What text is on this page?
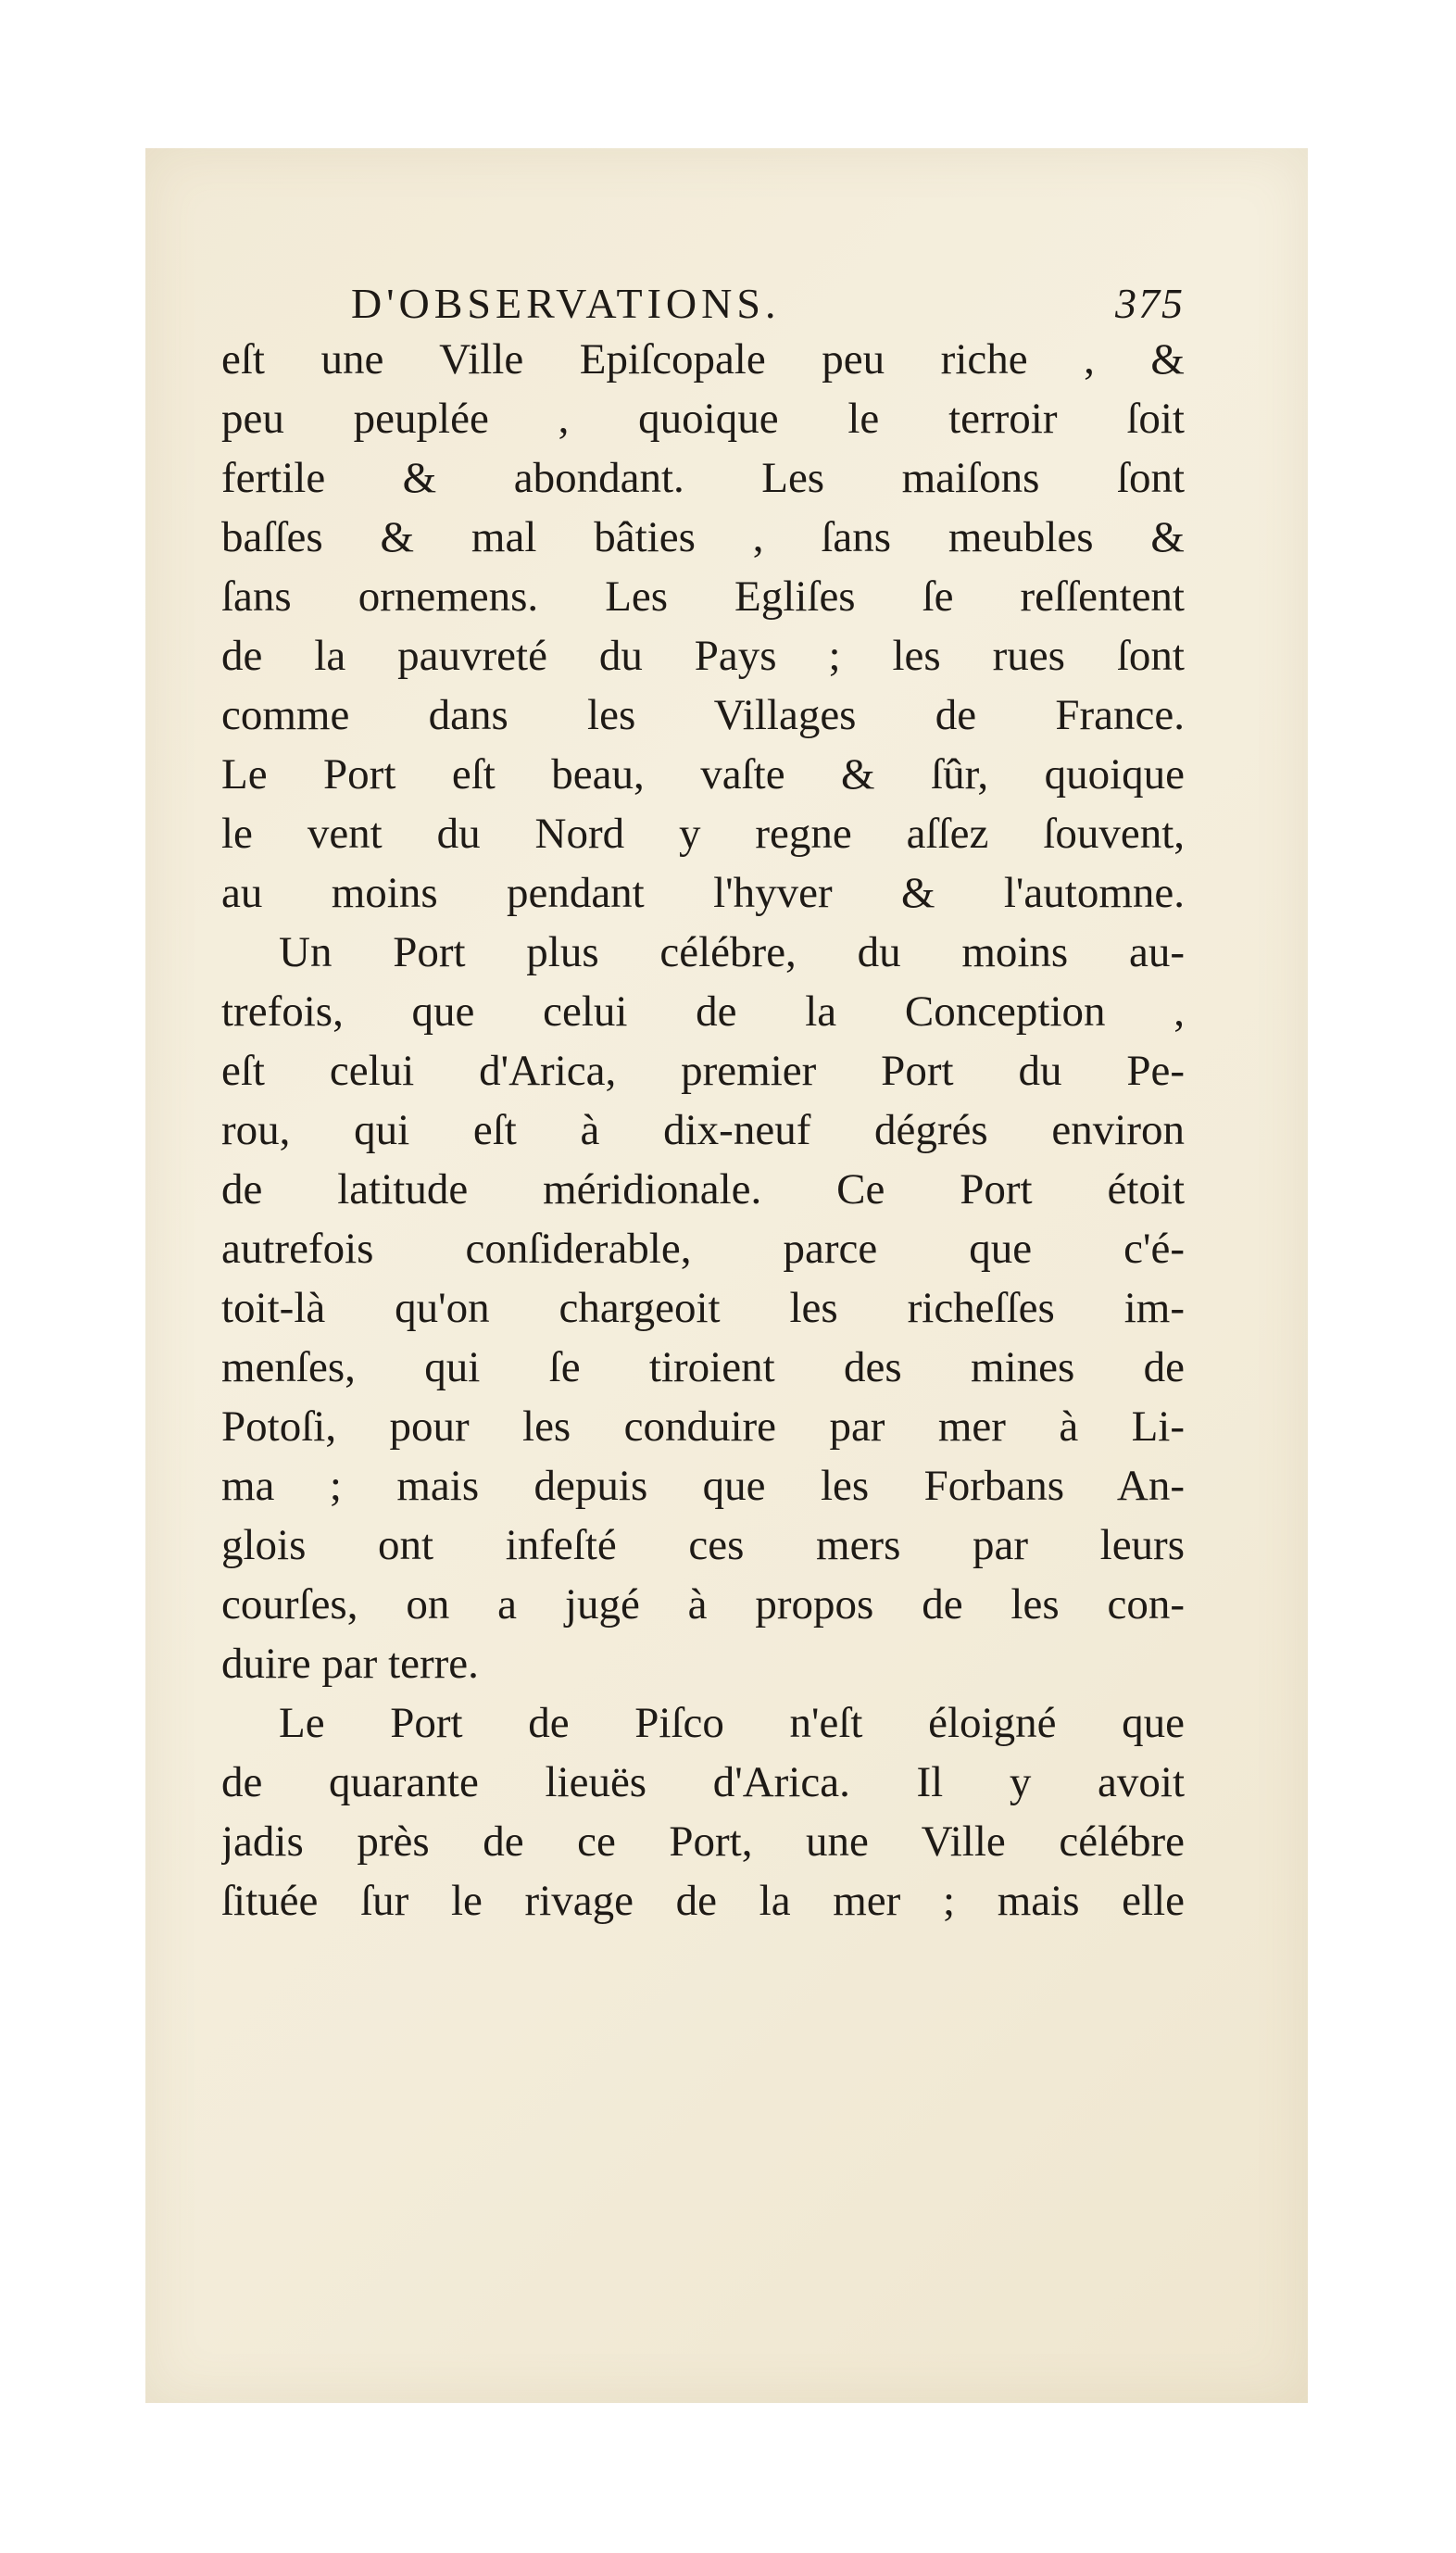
D'OBSERVATIONS.	375
eſt une Ville Epiſcopale peu riche , &
peu peuplée , quoique le terroir ſoit
fertile & abondant. Les maiſons ſont
baſſes & mal bâties , ſans meubles &
ſans ornemens. Les Egliſes ſe reſſentent
de la pauvreté du Pays ; les rues ſont
comme dans les Villages de France.
Le Port eſt beau, vaſte & ſûr, quoique
le vent du Nord y regne aſſez ſouvent,
au moins pendant l'hyver & l'automne.
Un Port plus célébre, du moins au-
trefois, que celui de la Conception ,
eſt celui d'Arica, premier Port du Pe-
rou, qui eſt à dix-neuf dégrés environ
de latitude méridionale. Ce Port étoit
autrefois conſiderable, parce que c'é-
toit-là qu'on chargeoit les richeſſes im-
menſes, qui ſe tiroient des mines de
Potoſi, pour les conduire par mer à Li-
ma ; mais depuis que les Forbans An-
glois ont infeſté ces mers par leurs
courſes, on a jugé à propos de les con-
duire par terre.
Le Port de Piſco n'eſt éloigné que
de quarante lieuës d'Arica. Il y avoit
jadis près de ce Port, une Ville célébre
ſituée ſur le rivage de la mer ; mais elle
